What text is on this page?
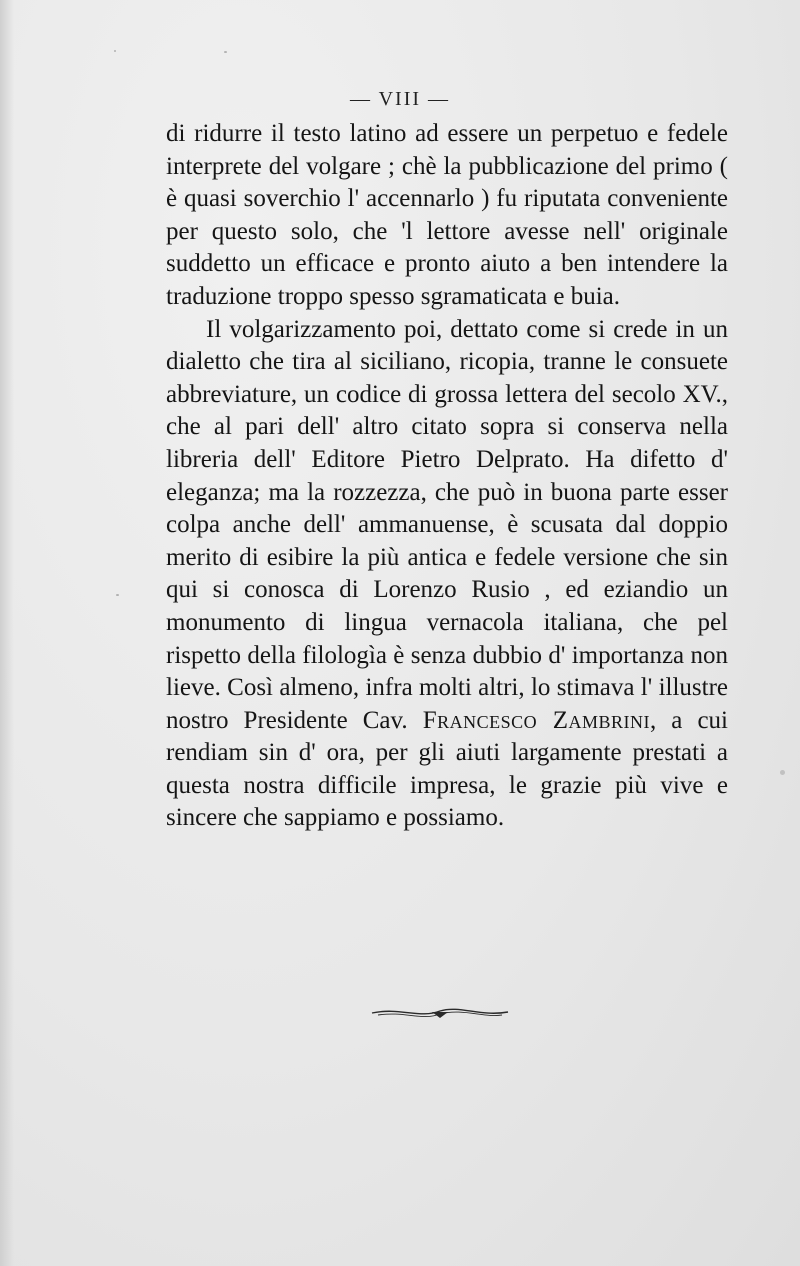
— VIII —

di ridurre il testo latino ad essere un perpetuo e fedele interprete del volgare ; chè la pubblicazione del primo ( è quasi soverchio l' accennarlo ) fu riputata conveniente per questo solo, che 'l lettore avesse nell' originale suddetto un efficace e pronto aiuto a ben intendere la traduzione troppo spesso sgramaticata e buia.

Il volgarizzamento poi, dettato come si crede in un dialetto che tira al siciliano, ricopia, tranne le consuete abbreviature, un codice di grossa lettera del secolo XV., che al pari dell' altro citato sopra si conserva nella libreria dell' Editore Pietro Delprato. Ha difetto d' eleganza; ma la rozzezza, che può in buona parte esser colpa anche dell' ammanuense, è scusata dal doppio merito di esibire la più antica e fedele versione che sin qui si conosca di Lorenzo Rusio , ed eziandio un monumento di lingua vernacola italiana, che pel rispetto della filologìa è senza dubbio d' importanza non lieve. Così almeno, infra molti altri, lo stimava l' illustre nostro Presidente Cav. Francesco Zambrini, a cui rendiam sin d' ora, per gli aiuti largamente prestati a questa nostra difficile impresa, le grazie più vive e sincere che sappiamo e possiamo.
